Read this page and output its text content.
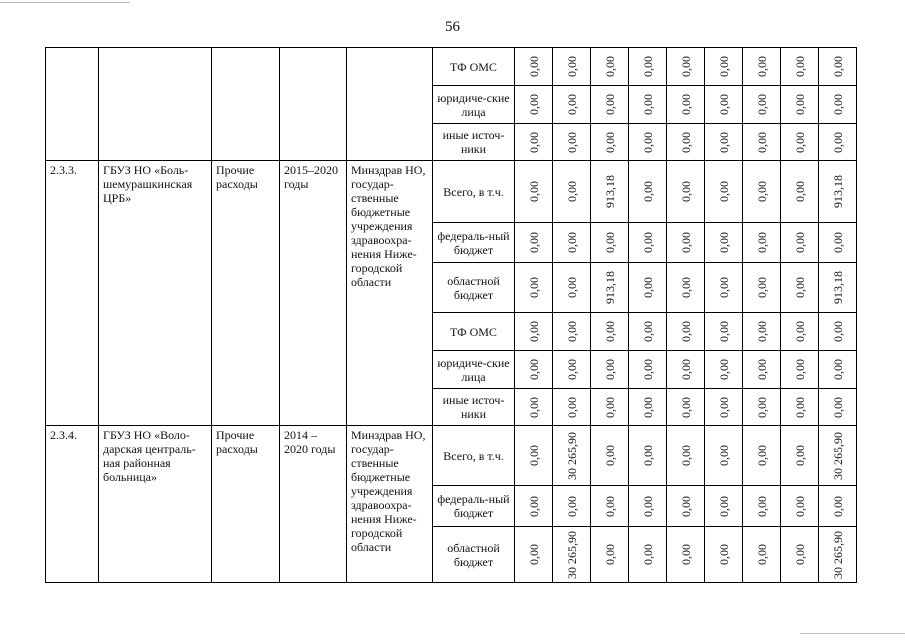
56
					ТФ ОМС	0,00	0,00	0,00	0,00	0,00	0,00	0,00	0,00	0,00

					юридиче-ские лица	0,00	0,00	0,00	0,00	0,00	0,00	0,00	0,00	0,00

					иные источ-ники	0,00	0,00	0,00	0,00	0,00	0,00	0,00	0,00	0,00

2.3.3.	ГБУЗ НО «Боль-шемурашкинская ЦРБ»	Прочие расходы	2015–2020 годы	Минздрав НО, государ-ственные бюджетные учреждения здравоохра-нения Ниже-городской области	Всего, в т.ч.	0,00	0,00	913,18	0,00	0,00	0,00	0,00	0,00	913,18

					федераль-ный бюджет	0,00	0,00	0,00	0,00	0,00	0,00	0,00	0,00	0,00

					областной бюджет	0,00	0,00	913,18	0,00	0,00	0,00	0,00	0,00	913,18

					ТФ ОМС	0,00	0,00	0,00	0,00	0,00	0,00	0,00	0,00	0,00

					юридиче-ские лица	0,00	0,00	0,00	0,00	0,00	0,00	0,00	0,00	0,00

					иные источ-ники	0,00	0,00	0,00	0,00	0,00	0,00	0,00	0,00	0,00

2.3.4.	ГБУЗ НО «Воло-дарская централь-ная районная больница»	Прочие расходы	2014 – 2020 годы	Минздрав НО, государ-ственные бюджетные учреждения здравоохра-нения Ниже-городской области	Всего, в т.ч.	0,00	30 265,90	0,00	0,00	0,00	0,00	0,00	0,00	30 265,90

					федераль-ный бюджет	0,00	0,00	0,00	0,00	0,00	0,00	0,00	0,00	0,00

					областной бюджет	0,00	30 265,90	0,00	0,00	0,00	0,00	0,00	0,00	30 265,90
